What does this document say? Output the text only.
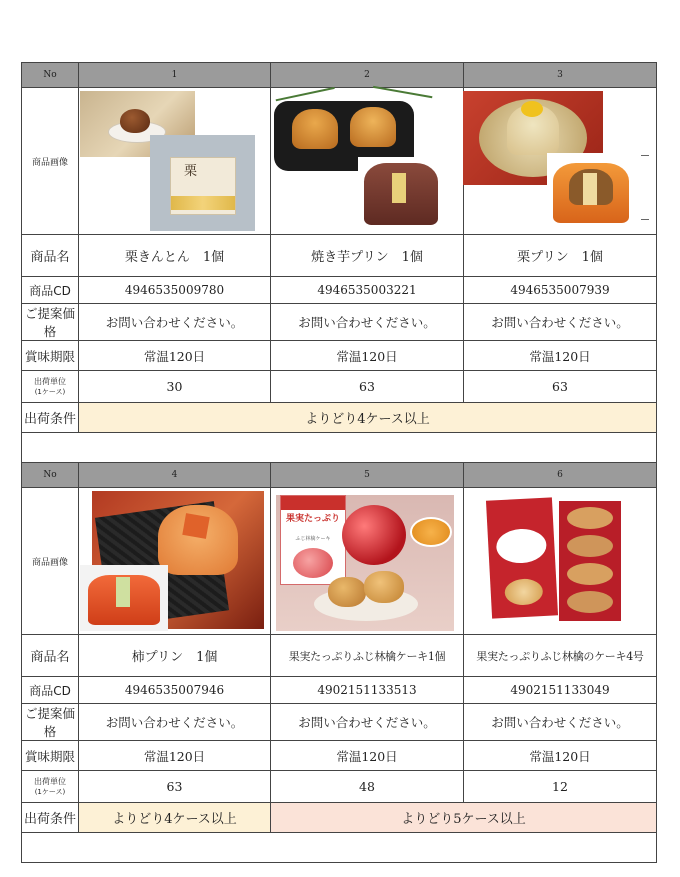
No	1	2	3
商品画像	栗		

商品名	栗きんとん　1個	焼き芋プリン　1個	栗プリン　1個
商品CD	4946535009780	4946535003221	4946535007939
ご提案価格	お問い合わせください。	お問い合わせください。	お問い合わせください。
賞味期限	常温120日	常温120日	常温120日
出荷単位
(1ケース)	30	63	63
出荷条件	よりどり4ケース以上		

No	4	5	6
商品画像		果実たっぷり
ふじ林檎ケーキ	

商品名	柿プリン　1個	果実たっぷりふじ林檎ケーキ1個	果実たっぷりふじ林檎のケーキ4号
商品CD	4946535007946	4902151133513	4902151133049
ご提案価格	お問い合わせください。	お問い合わせください。	お問い合わせください。
賞味期限	常温120日	常温120日	常温120日
出荷単位
(1ケース)	63	48	12
出荷条件	よりどり4ケース以上	よりどり5ケース以上	
